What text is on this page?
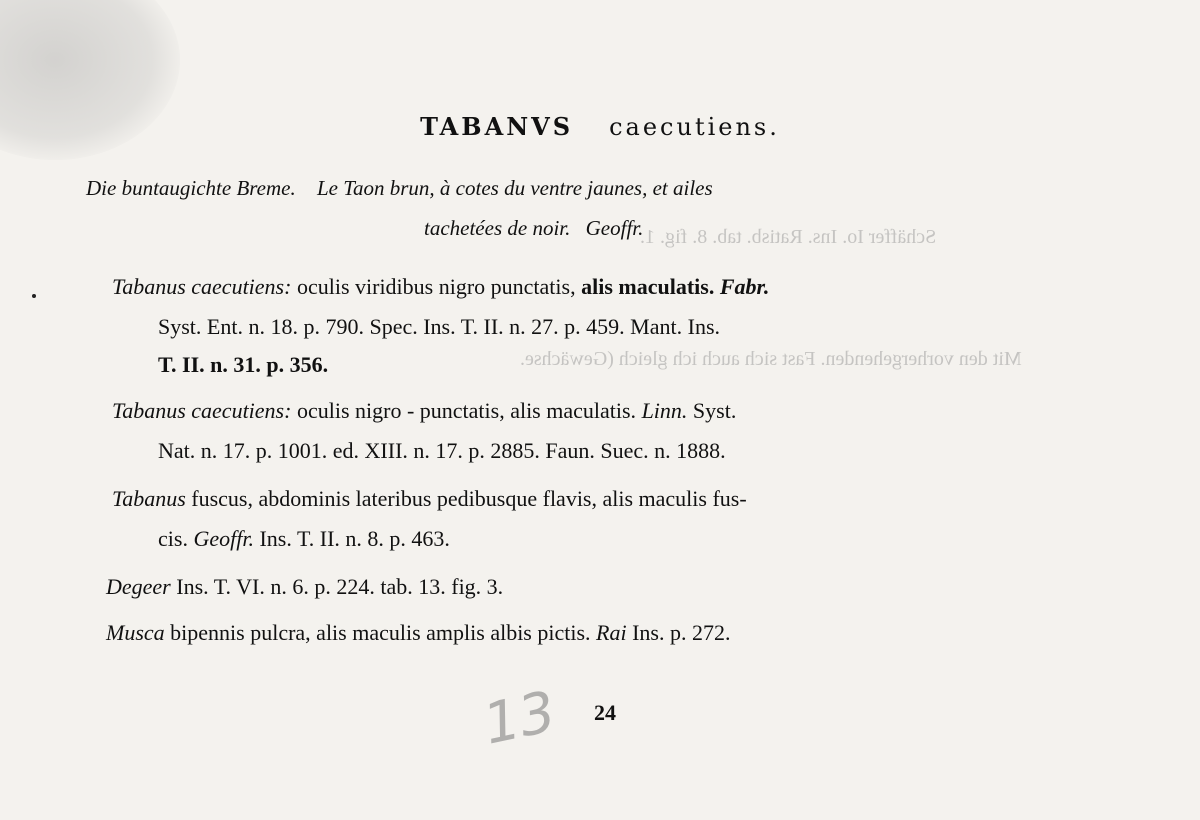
Schäffer Io. Ins. Ratisb. tab. 8. fig. 1.
Mit den vorhergehenden. Fast sich auch ich gleich (Gewächse.
TABANVS caecutiens.
Die buntaugichte Breme. Le Taon brun, à cotes du ventre jaunes, et ailes
tachetées de noir. Geoffr.
Tabanus caecutiens: oculis viridibus nigro punctatis, alis maculatis. Fabr.
Syst. Ent. n. 18. p. 790. Spec. Ins. T. II. n. 27. p. 459. Mant. Ins.
T. II. n. 31. p. 356.
Tabanus caecutiens: oculis nigro - punctatis, alis maculatis. Linn. Syst.
Nat. n. 17. p. 1001. ed. XIII. n. 17. p. 2885. Faun. Suec. n. 1888.
Tabanus fuscus, abdominis lateribus pedibusque flavis, alis maculis fus-
cis. Geoffr. Ins. T. II. n. 8. p. 463.
Degeer Ins. T. VI. n. 6. p. 224. tab. 13. fig. 3.
Musca bipennis pulcra, alis maculis amplis albis pictis. Rai Ins. p. 272.
13 24
